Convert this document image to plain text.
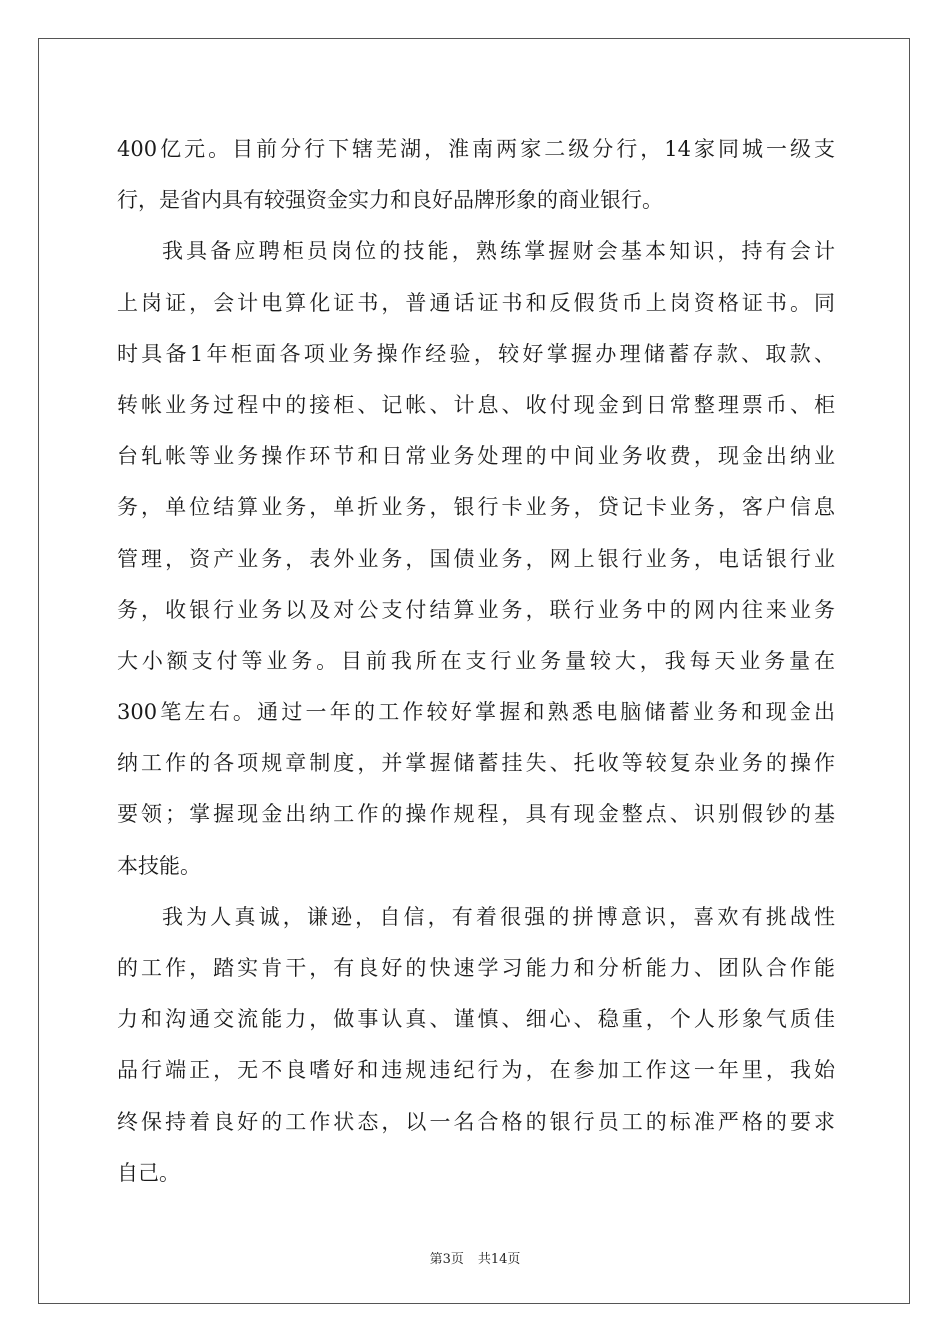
400亿元。目前分行下辖芜湖，淮南两家二级分行，14家同城一级支
行，是省内具有较强资金实力和良好品牌形象的商业银行。
我具备应聘柜员岗位的技能，熟练掌握财会基本知识，持有会计
上岗证，会计电算化证书，普通话证书和反假货币上岗资格证书。同
时具备1年柜面各项业务操作经验，较好掌握办理储蓄存款、取款、
转帐业务过程中的接柜、记帐、计息、收付现金到日常整理票币、柜
台轧帐等业务操作环节和日常业务处理的中间业务收费，现金出纳业
务，单位结算业务，单折业务，银行卡业务，贷记卡业务，客户信息
管理，资产业务，表外业务，国债业务，网上银行业务，电话银行业
务，收银行业务以及对公支付结算业务，联行业务中的网内往来业务
大小额支付等业务。目前我所在支行业务量较大，我每天业务量在
300笔左右。通过一年的工作较好掌握和熟悉电脑储蓄业务和现金出
纳工作的各项规章制度，并掌握储蓄挂失、托收等较复杂业务的操作
要领；掌握现金出纳工作的操作规程，具有现金整点、识别假钞的基
本技能。
我为人真诚，谦逊，自信，有着很强的拼博意识，喜欢有挑战性
的工作，踏实肯干，有良好的快速学习能力和分析能力、团队合作能
力和沟通交流能力，做事认真、谨慎、细心、稳重，个人形象气质佳
品行端正，无不良嗜好和违规违纪行为，在参加工作这一年里，我始
终保持着良好的工作状态，以一名合格的银行员工的标准严格的要求
自己。
第3页 共14页
